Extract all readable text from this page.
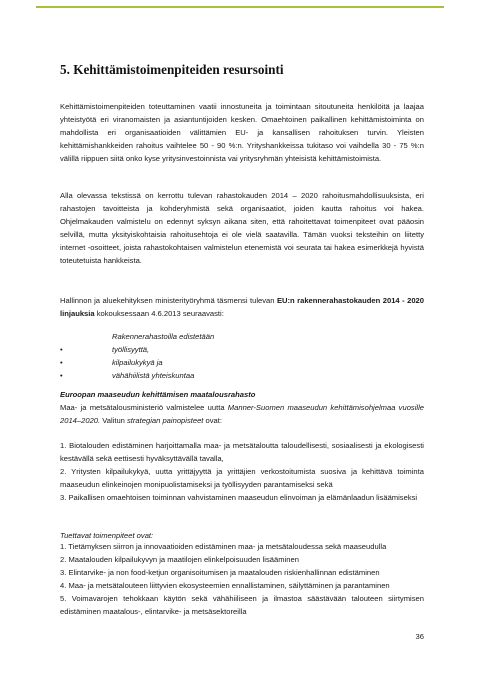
5. Kehittämistoimenpiteiden resursointi
Kehittämistoimenpiteiden toteuttaminen vaatii innostuneita ja toimintaan sitoutuneita henkilöitä ja laajaa yhteistyötä eri viranomaisten ja asiantuntijoiden kesken. Omaehtoinen paikallinen kehittämistoiminta on mahdollista eri organisaatioiden välittämien EU- ja kansallisen rahoituksen turvin. Yleisten kehittämishankkeiden rahoitus vaihtelee 50 - 90 %:n. Yrityshankkeissa tukitaso voi vaihdella 30 - 75 %:n välillä riippuen siitä onko kyse yritysinvestoinnista vai yritysryhmän yhteisistä kehittämistoimista.
Alla olevassa tekstissä on kerrottu tulevan rahastokauden 2014 – 2020 rahoitusmahdollisuuksista, eri rahastojen tavoitteista ja kohderyhmistä sekä organisaatiot, joiden kautta rahoitus voi hakea. Ohjelmakauden valmistelu on edennyt syksyn aikana siten, että rahoitettavat toimenpiteet ovat pääosin selvillä, mutta yksityiskohtaisia rahoitusehtoja ei ole vielä saatavilla. Tämän vuoksi teksteihin on liitetty internet -osoitteet, joista rahastokohtaisen valmistelun etenemistä voi seurata tai hakea esimerkkejä hyvistä toteutetuista hankkeista.
Hallinnon ja aluekehityksen ministerityöryhmä täsmensi tulevan EU:n rakennerahastokauden 2014 - 2020 linjauksia kokouksessaan 4.6.2013 seuraavasti:
Rakennerahastoilla edistetään
•	työllisyyttä,
•	kilpailukykyä ja
•	vähähiilistä yhteiskuntaa
Euroopan maaseudun kehittämisen maatalousrahasto
Maa- ja metsätalousministeriö valmistelee uutta Manner-Suomen maaseudun kehittämisohjelmaa vuosille 2014–2020. Valitun strategian painopisteet ovat:
1. Biotalouden edistäminen harjoittamalla maa- ja metsätaloutta taloudellisesti, sosiaalisesti ja ekologisesti kestävällä sekä eettisesti hyväksyttävällä tavalla,
2. Yritysten kilpailukykyä, uutta yrittäjyyttä ja yrittäjien verkostoitumista suosiva ja kehittävä toiminta maaseudun elinkeinojen monipuolistamiseksi ja työllisyyden parantamiseksi sekä
3. Paikallisen omaehtoisen toiminnan vahvistaminen maaseudun elinvoiman ja elämänlaadun lisäämiseksi
Tuettavat toimenpiteet ovat:
1. Tietämyksen siirron ja innovaatioiden edistäminen maa- ja metsätaloudessa sekä maaseudulla
2. Maatalouden kilpailukyvyn ja maatilojen elinkelpoisuuden lisääminen
3. Elintarvike- ja non food-ketjun organisoitumisen ja maatalouden riskienhallinnan edistäminen
4. Maa- ja metsätalouteen liittyvien ekosysteemien ennallistaminen, säilyttäminen ja parantaminen
5. Voimavarojen tehokkaan käytön sekä vähähiiliseen ja ilmastoa säästävään talouteen siirtymisen edistäminen maatalous-, elintarvike- ja metsäsektoreilla
36
